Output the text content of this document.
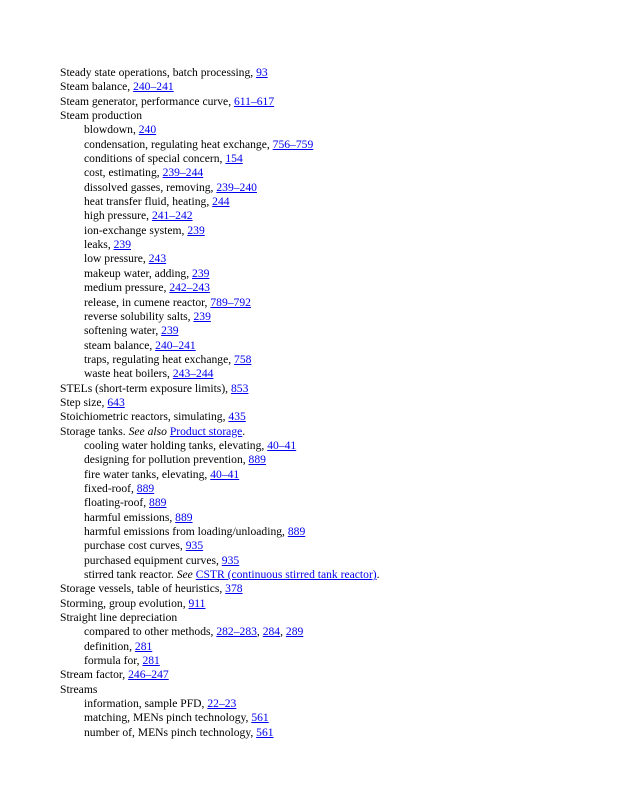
Steady state operations, batch processing, 93
Steam balance, 240–241
Steam generator, performance curve, 611–617
Steam production
blowdown, 240
condensation, regulating heat exchange, 756–759
conditions of special concern, 154
cost, estimating, 239–244
dissolved gasses, removing, 239–240
heat transfer fluid, heating, 244
high pressure, 241–242
ion-exchange system, 239
leaks, 239
low pressure, 243
makeup water, adding, 239
medium pressure, 242–243
release, in cumene reactor, 789–792
reverse solubility salts, 239
softening water, 239
steam balance, 240–241
traps, regulating heat exchange, 758
waste heat boilers, 243–244
STELs (short-term exposure limits), 853
Step size, 643
Stoichiometric reactors, simulating, 435
Storage tanks. See also Product storage.
cooling water holding tanks, elevating, 40–41
designing for pollution prevention, 889
fire water tanks, elevating, 40–41
fixed-roof, 889
floating-roof, 889
harmful emissions, 889
harmful emissions from loading/unloading, 889
purchase cost curves, 935
purchased equipment curves, 935
stirred tank reactor. See CSTR (continuous stirred tank reactor).
Storage vessels, table of heuristics, 378
Storming, group evolution, 911
Straight line depreciation
compared to other methods, 282–283, 284, 289
definition, 281
formula for, 281
Stream factor, 246–247
Streams
information, sample PFD, 22–23
matching, MENs pinch technology, 561
number of, MENs pinch technology, 561
